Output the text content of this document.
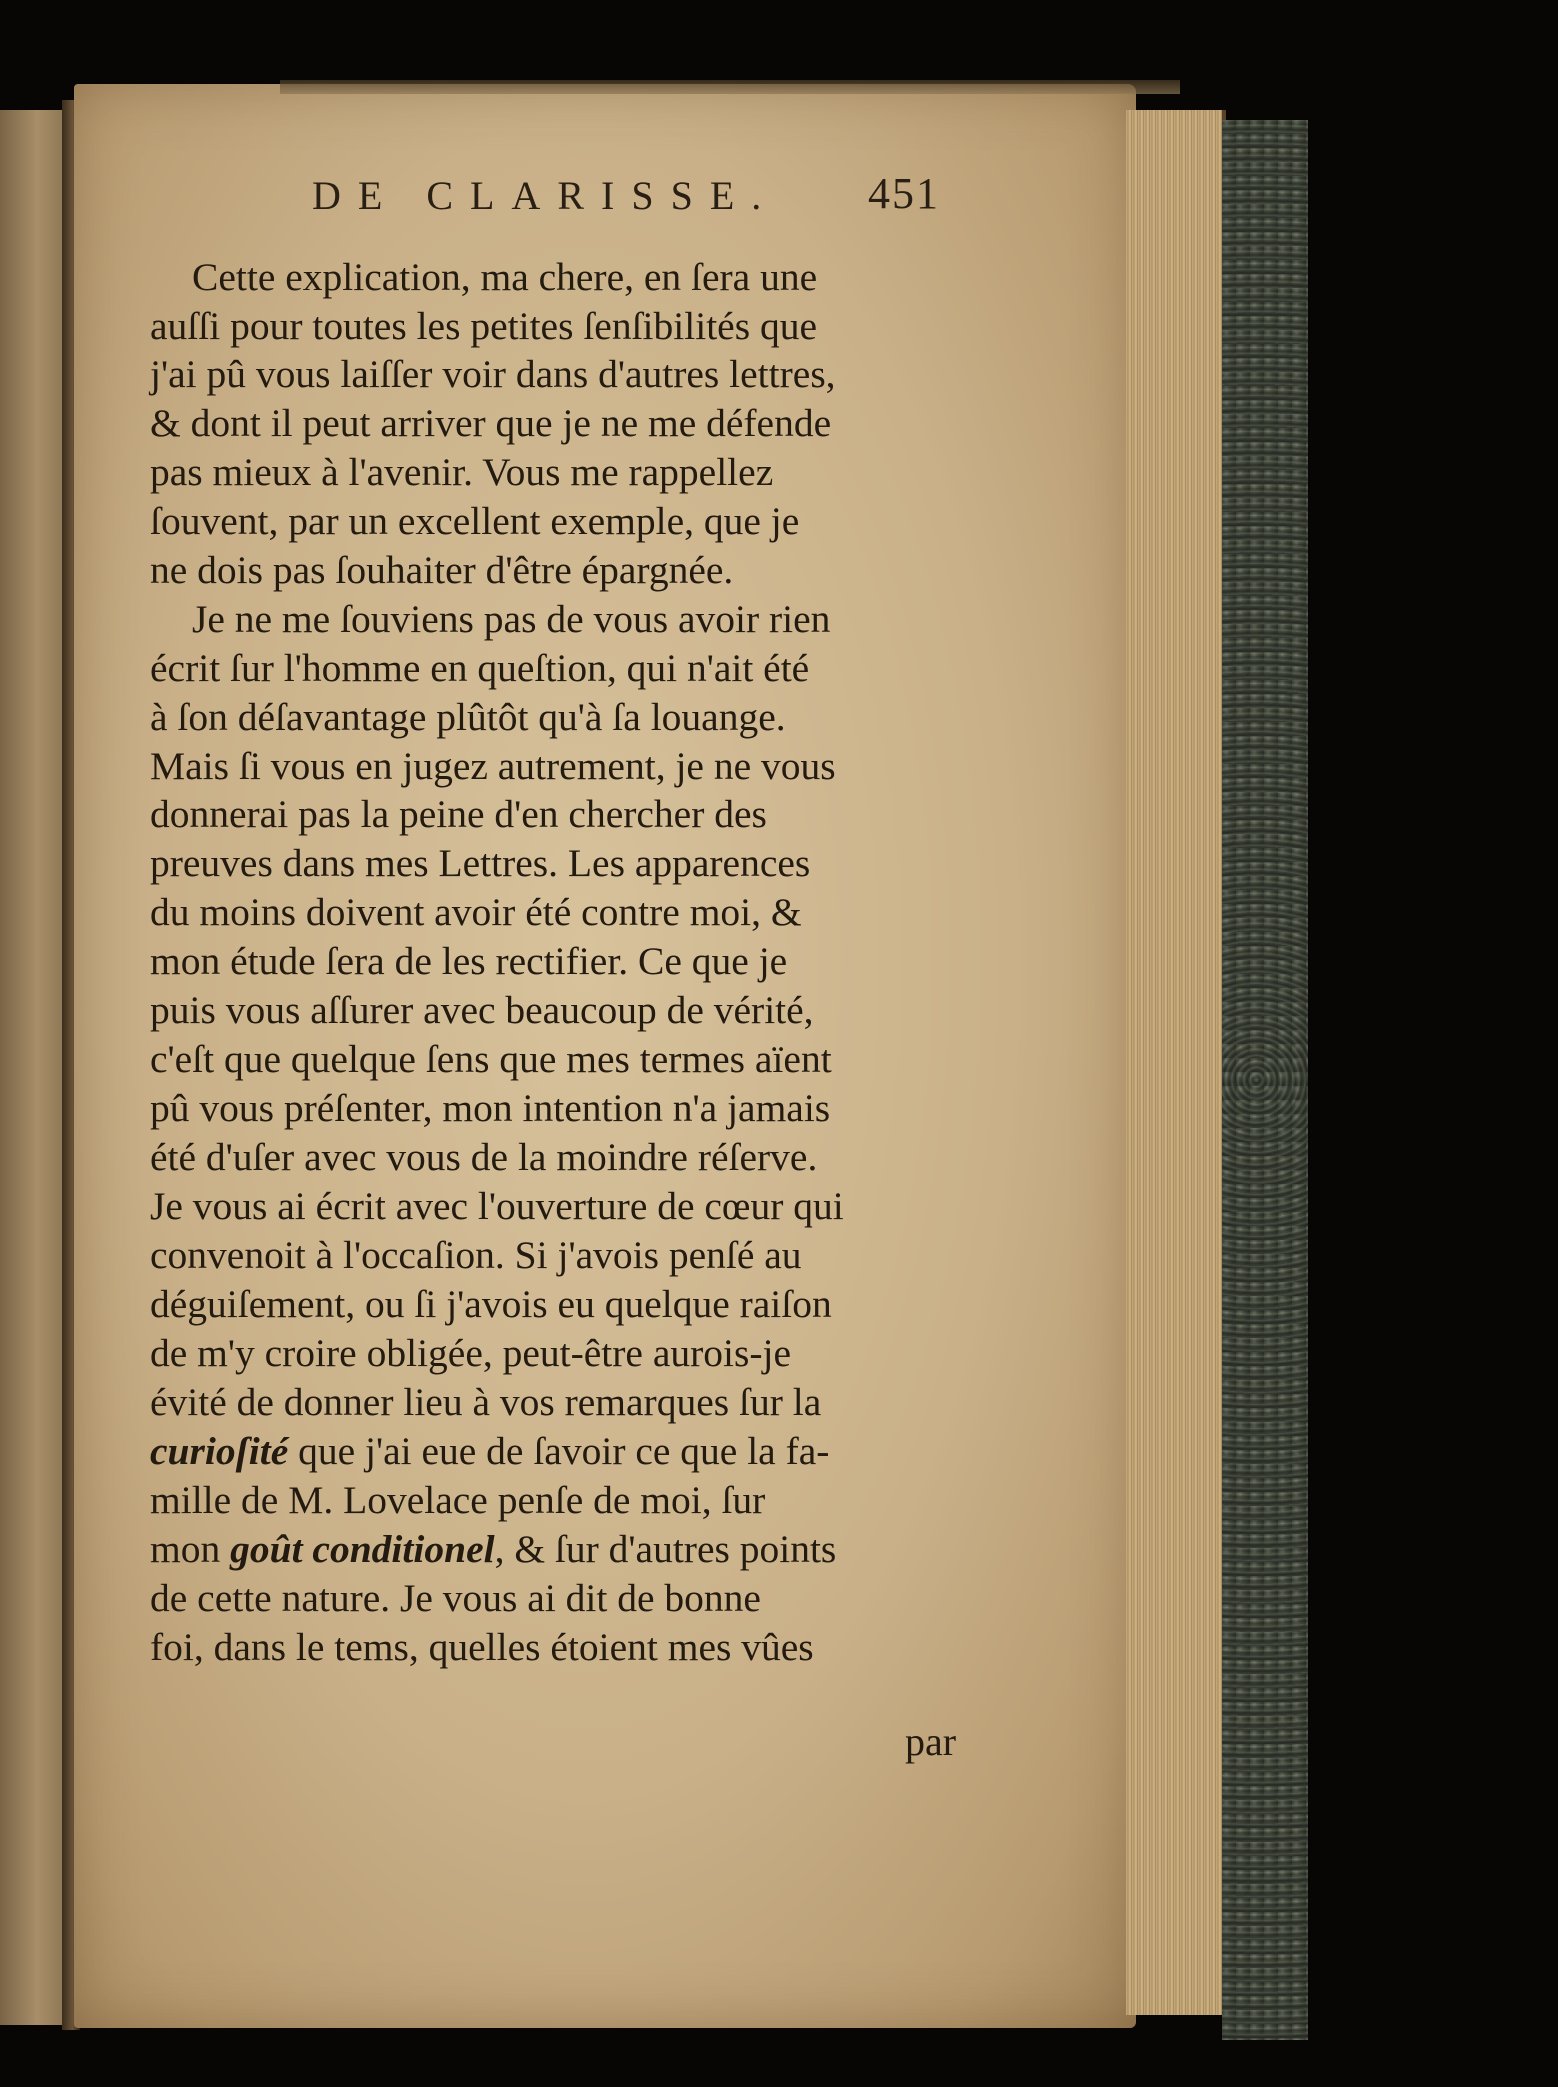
DE CLARISSE. 451
Cette explication, ma chere, en ſera une
auſſi pour toutes les petites ſenſibilités que
j'ai pû vous laiſſer voir dans d'autres lettres,
& dont il peut arriver que je ne me défende
pas mieux à l'avenir. Vous me rappellez
ſouvent, par un excellent exemple, que je
ne dois pas ſouhaiter d'être épargnée.
Je ne me ſouviens pas de vous avoir rien
écrit ſur l'homme en queſtion, qui n'ait été
à ſon déſavantage plûtôt qu'à ſa louange.
Mais ſi vous en jugez autrement, je ne vous
donnerai pas la peine d'en chercher des
preuves dans mes Lettres. Les apparences
du moins doivent avoir été contre moi, &
mon étude ſera de les rectifier. Ce que je
puis vous aſſurer avec beaucoup de vérité,
c'eſt que quelque ſens que mes termes aïent
pû vous préſenter, mon intention n'a jamais
été d'uſer avec vous de la moindre réſerve.
Je vous ai écrit avec l'ouverture de cœur qui
convenoit à l'occaſion. Si j'avois penſé au
déguiſement, ou ſi j'avois eu quelque raiſon
de m'y croire obligée, peut-être aurois-je
évité de donner lieu à vos remarques ſur la
curioſité que j'ai eue de ſavoir ce que la fa-
mille de M. Lovelace penſe de moi, ſur
mon goût conditionel, & ſur d'autres points
de cette nature. Je vous ai dit de bonne
foi, dans le tems, quelles étoient mes vûes
par
